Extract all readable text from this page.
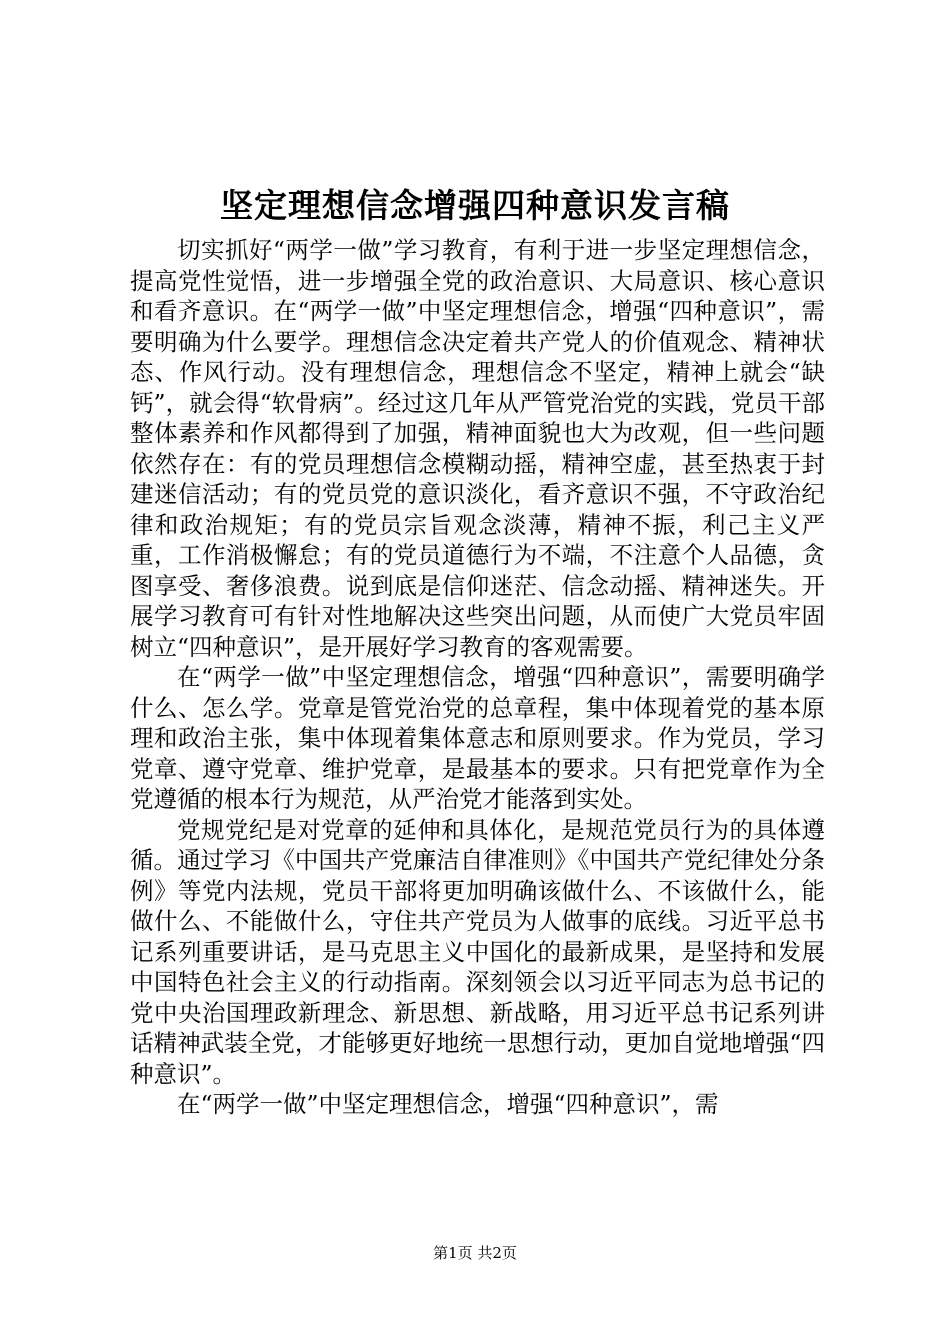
坚定理想信念增强四种意识发言稿

切实抓好“两学一做”学习教育，有利于进一步坚定理想信念，提高党性觉悟，进一步增强全党的政治意识、大局意识、核心意识和看齐意识。在“两学一做”中坚定理想信念，增强“四种意识”，需要明确为什么要学。理想信念决定着共产党人的价值观念、精神状态、作风行动。没有理想信念，理想信念不坚定，精神上就会“缺钙”，就会得“软骨病”。经过这几年从严管党治党的实践，党员干部整体素养和作风都得到了加强，精神面貌也大为改观，但一些问题依然存在：有的党员理想信念模糊动摇，精神空虚，甚至热衷于封建迷信活动；有的党员党的意识淡化，看齐意识不强，不守政治纪律和政治规矩；有的党员宗旨观念淡薄，精神不振，利己主义严重，工作消极懈怠；有的党员道德行为不端，不注意个人品德，贪图享受、奢侈浪费。说到底是信仰迷茫、信念动摇、精神迷失。开展学习教育可有针对性地解决这些突出问题，从而使广大党员牢固树立“四种意识”，是开展好学习教育的客观需要。

在“两学一做”中坚定理想信念，增强“四种意识”，需要明确学什么、怎么学。党章是管党治党的总章程，集中体现着党的基本原理和政治主张，集中体现着集体意志和原则要求。作为党员，学习党章、遵守党章、维护党章，是最基本的要求。只有把党章作为全党遵循的根本行为规范，从严治党才能落到实处。

党规党纪是对党章的延伸和具体化，是规范党员行为的具体遵循。通过学习《中国共产党廉洁自律准则》《中国共产党纪律处分条例》等党内法规，党员干部将更加明确该做什么、不该做什么，能做什么、不能做什么，守住共产党员为人做事的底线。习近平总书记系列重要讲话，是马克思主义中国化的最新成果，是坚持和发展中国特色社会主义的行动指南。深刻领会以习近平同志为总书记的党中央治国理政新理念、新思想、新战略，用习近平总书记系列讲话精神武装全党，才能够更好地统一思想行动，更加自觉地增强“四种意识”。

在“两学一做”中坚定理想信念，增强“四种意识”，需

第1页 共2页
